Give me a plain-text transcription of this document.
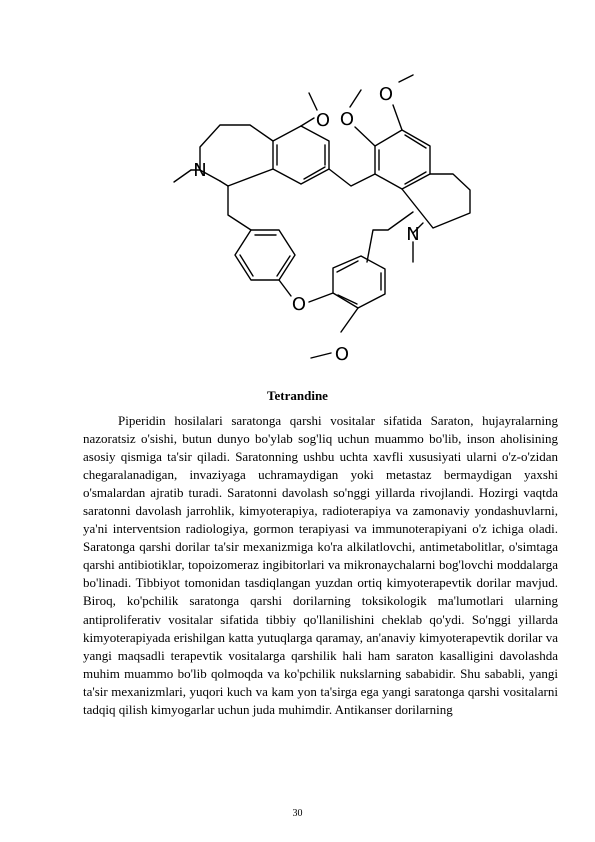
N
N
O O
O
O
O
Tetrandine

Piperidin hosilalari saratonga qarshi vositalar sifatida Saraton, hujayralarning nazoratsiz o'sishi, butun dunyo bo'ylab sog'liq uchun muammo bo'lib, inson aholisining asosiy qismiga ta'sir qiladi. Saratonning ushbu uchta xavfli xususiyati ularni o'z-o'zidan chegaralanadigan, invaziyaga uchramaydigan yoki metastaz bermaydigan yaxshi o'smalardan ajratib turadi. Saratonni davolash so'nggi yillarda rivojlandi. Hozirgi vaqtda saratonni davolash jarrohlik, kimyoterapiya, radioterapiya va zamonaviy yondashuvlarni, ya'ni interventsion radiologiya, gormon terapiyasi va immunoterapiyani o'z ichiga oladi. Saratonga qarshi dorilar ta'sir mexanizmiga ko'ra alkilatlovchi, antimetabolitlar, o'simtaga qarshi antibiotiklar, topoizomeraz ingibitorlari va mikronaychalarni bog'lovchi moddalarga bo'linadi. Tibbiyot tomonidan tasdiqlangan yuzdan ortiq kimyoterapevtik dorilar mavjud. Biroq, ko'pchilik saratonga qarshi dorilarning toksikologik ma'lumotlari ularning antiproliferativ vositalar sifatida tibbiy qo'llanilishini cheklab qo'ydi. So'nggi yillarda kimyoterapiyada erishilgan katta yutuqlarga qaramay, an'anaviy kimyoterapevtik dorilar va yangi maqsadli terapevtik vositalarga qarshilik hali ham saraton kasalligini davolashda muhim muammo bo'lib qolmoqda va ko'pchilik nukslarning sababidir. Shu sababli, yangi ta'sir mexanizmlari, yuqori kuch va kam yon ta'sirga ega yangi saratonga qarshi vositalarni tadqiq qilish kimyogarlar uchun juda muhimdir. Antikanser dorilarning

30
